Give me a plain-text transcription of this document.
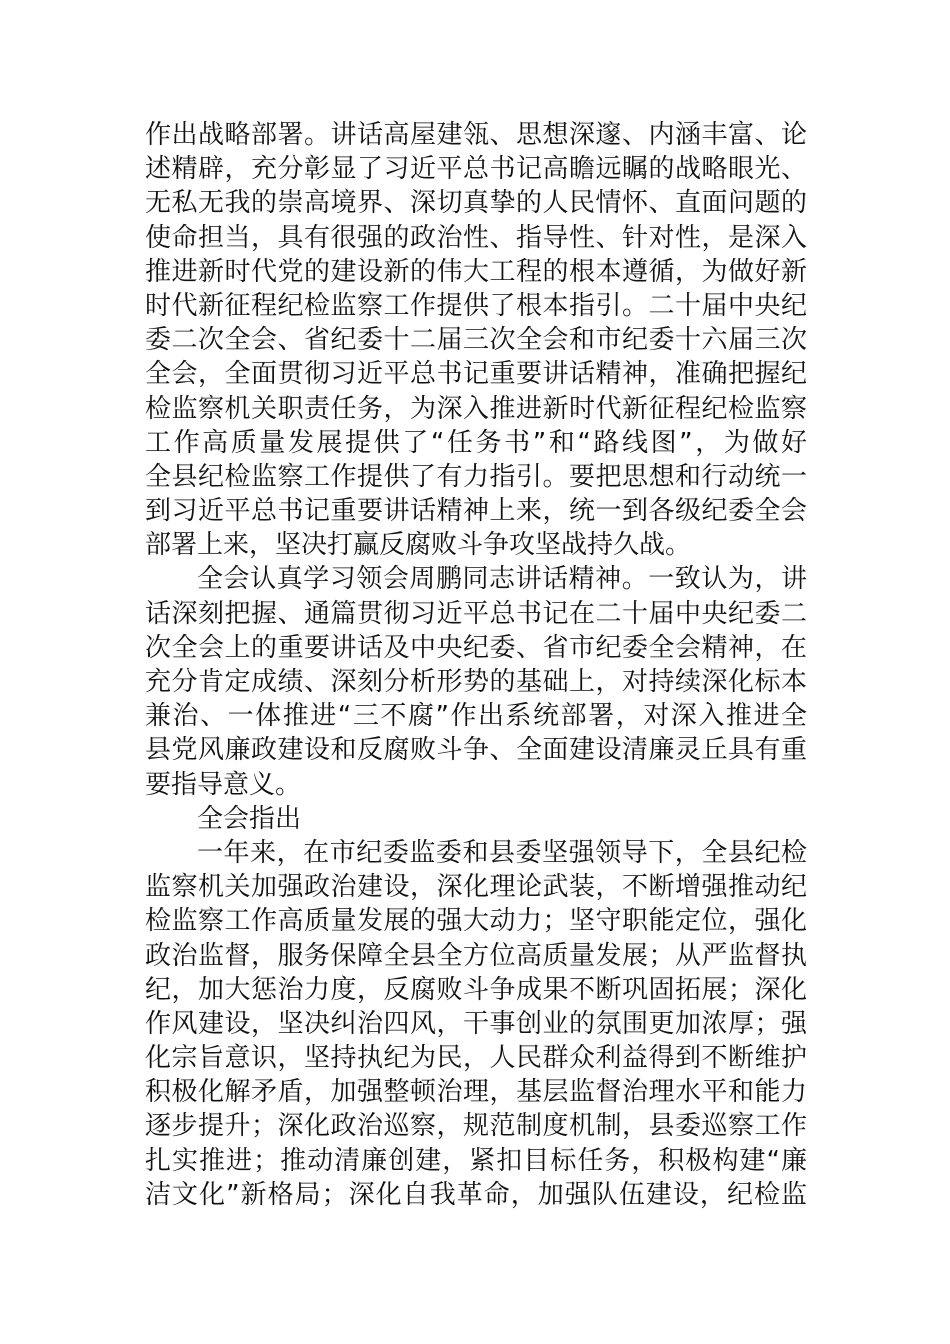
作出战略部署。讲话高屋建瓴、思想深邃、内涵丰富、论
述精辟，充分彰显了习近平总书记高瞻远瞩的战略眼光、
无私无我的崇高境界、深切真挚的人民情怀、直面问题的
使命担当，具有很强的政治性、指导性、针对性，是深入
推进新时代党的建设新的伟大工程的根本遵循，为做好新
时代新征程纪检监察工作提供了根本指引。二十届中央纪
委二次全会、省纪委十二届三次全会和市纪委十六届三次
全会，全面贯彻习近平总书记重要讲话精神，准确把握纪
检监察机关职责任务，为深入推进新时代新征程纪检监察
工作高质量发展提供了“任务书”和“路线图”，为做好
全县纪检监察工作提供了有力指引。要把思想和行动统一
到习近平总书记重要讲话精神上来，统一到各级纪委全会
部署上来，坚决打赢反腐败斗争攻坚战持久战。
全会认真学习领会周鹏同志讲话精神。一致认为，讲
话深刻把握、通篇贯彻习近平总书记在二十届中央纪委二
次全会上的重要讲话及中央纪委、省市纪委全会精神，在
充分肯定成绩、深刻分析形势的基础上，对持续深化标本
兼治、一体推进“三不腐”作出系统部署，对深入推进全
县党风廉政建设和反腐败斗争、全面建设清廉灵丘具有重
要指导意义。
全会指出
一年来，在市纪委监委和县委坚强领导下，全县纪检
监察机关加强政治建设，深化理论武装，不断增强推动纪
检监察工作高质量发展的强大动力；坚守职能定位，强化
政治监督，服务保障全县全方位高质量发展；从严监督执
纪，加大惩治力度，反腐败斗争成果不断巩固拓展；深化
作风建设，坚决纠治四风，干事创业的氛围更加浓厚；强
化宗旨意识，坚持执纪为民，人民群众利益得到不断维护
积极化解矛盾，加强整顿治理，基层监督治理水平和能力
逐步提升；深化政治巡察，规范制度机制，县委巡察工作
扎实推进；推动清廉创建，紧扣目标任务，积极构建“廉
洁文化”新格局；深化自我革命，加强队伍建设，纪检监
